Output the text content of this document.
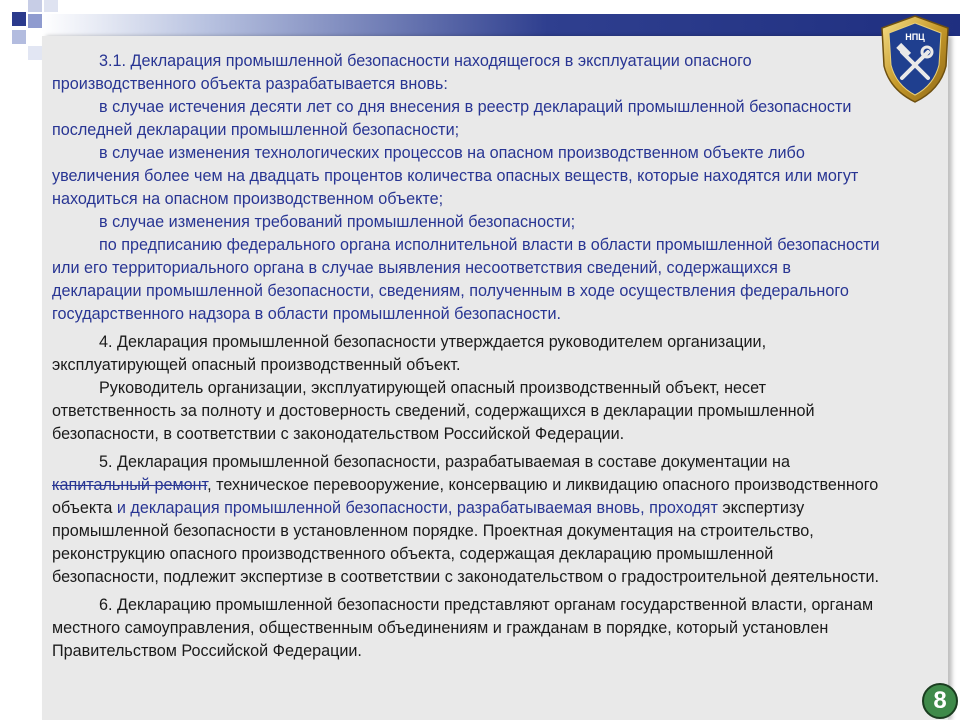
НПЦ

3.1. Декларация промышленной безопасности находящегося в эксплуатации опасного производственного объекта разрабатывается вновь:

в случае истечения десяти лет со дня внесения в реестр деклараций промышленной безопасности последней декларации промышленной безопасности;

в случае изменения технологических процессов на опасном производственном объекте либо увеличения более чем на двадцать процентов количества опасных веществ, которые находятся или могут находиться на опасном производственном объекте;

в случае изменения требований промышленной безопасности;

по предписанию федерального органа исполнительной власти в области промышленной безопасности или его территориального органа в случае выявления несоответствия сведений, содержащихся в декларации промышленной безопасности, сведениям, полученным в ходе осуществления федерального государственного надзора в области промышленной безопасности.

4. Декларация промышленной безопасности утверждается руководителем организации, эксплуатирующей опасный производственный объект.

Руководитель организации, эксплуатирующей опасный производственный объект, несет ответственность за полноту и достоверность сведений, содержащихся в декларации промышленной безопасности, в соответствии с законодательством Российской Федерации.

5. Декларация промышленной безопасности, разрабатываемая в составе документации на капитальный ремонт, техническое перевооружение, консервацию и ликвидацию опасного производственного объекта и декларация промышленной безопасности, разрабатываемая вновь, проходят экспертизу промышленной безопасности в установленном порядке. Проектная документация на строительство, реконструкцию опасного производственного объекта, содержащая декларацию промышленной безопасности, подлежит экспертизе в соответствии с законодательством о градостроительной деятельности.

6. Декларацию промышленной безопасности представляют органам государственной власти, органам местного самоуправления, общественным объединениям и гражданам в порядке, который установлен Правительством Российской Федерации.

8
